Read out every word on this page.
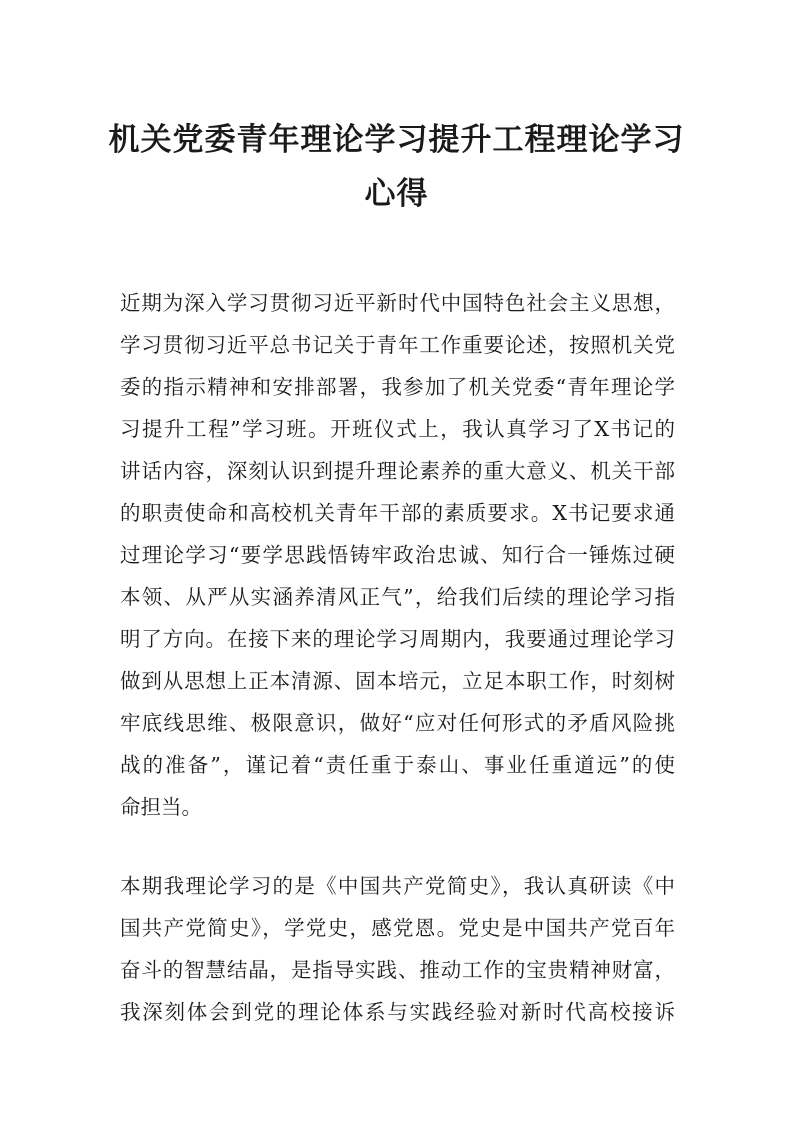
机关党委青年理论学习提升工程理论学习
心得
近期为深入学习贯彻习近平新时代中国特色社会主义思想，
学习贯彻习近平总书记关于青年工作重要论述，按照机关党
委的指示精神和安排部署，我参加了机关党委“青年理论学
习提升工程”学习班。开班仪式上，我认真学习了X书记的
讲话内容，深刻认识到提升理论素养的重大意义、机关干部
的职责使命和高校机关青年干部的素质要求。X书记要求通
过理论学习“要学思践悟铸牢政治忠诚、知行合一锤炼过硬
本领、从严从实涵养清风正气”，给我们后续的理论学习指
明了方向。在接下来的理论学习周期内，我要通过理论学习
做到从思想上正本清源、固本培元，立足本职工作，时刻树
牢底线思维、极限意识，做好“应对任何形式的矛盾风险挑
战的准备”，谨记着“责任重于泰山、事业任重道远”的使
命担当。
本期我理论学习的是《中国共产党简史》，我认真研读《中
国共产党简史》，学党史，感党恩。党史是中国共产党百年
奋斗的智慧结晶，是指导实践、推动工作的宝贵精神财富，
我深刻体会到党的理论体系与实践经验对新时代高校接诉
